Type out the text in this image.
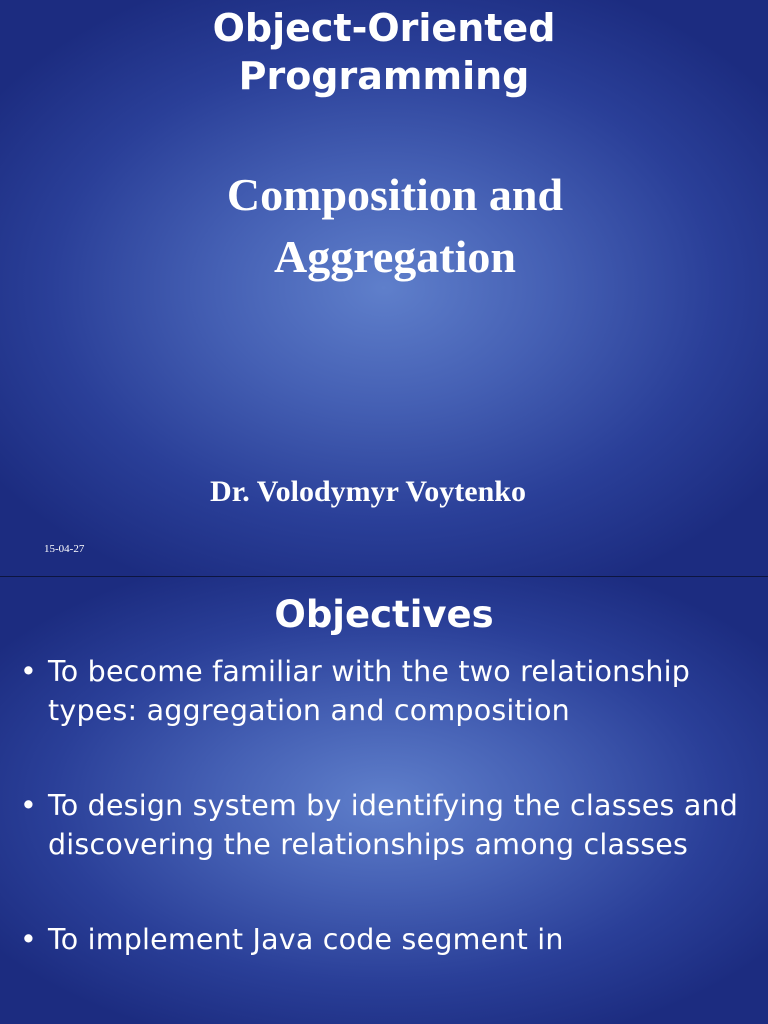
Object-Oriented
Programming
Composition and
Aggregation
Dr. Volodymyr Voytenko
15-04-27
Objectives
• To become familiar with the two relationship types: aggregation and composition
• To design system by identifying the classes and discovering the relationships among classes
• To implement Java code segment in
